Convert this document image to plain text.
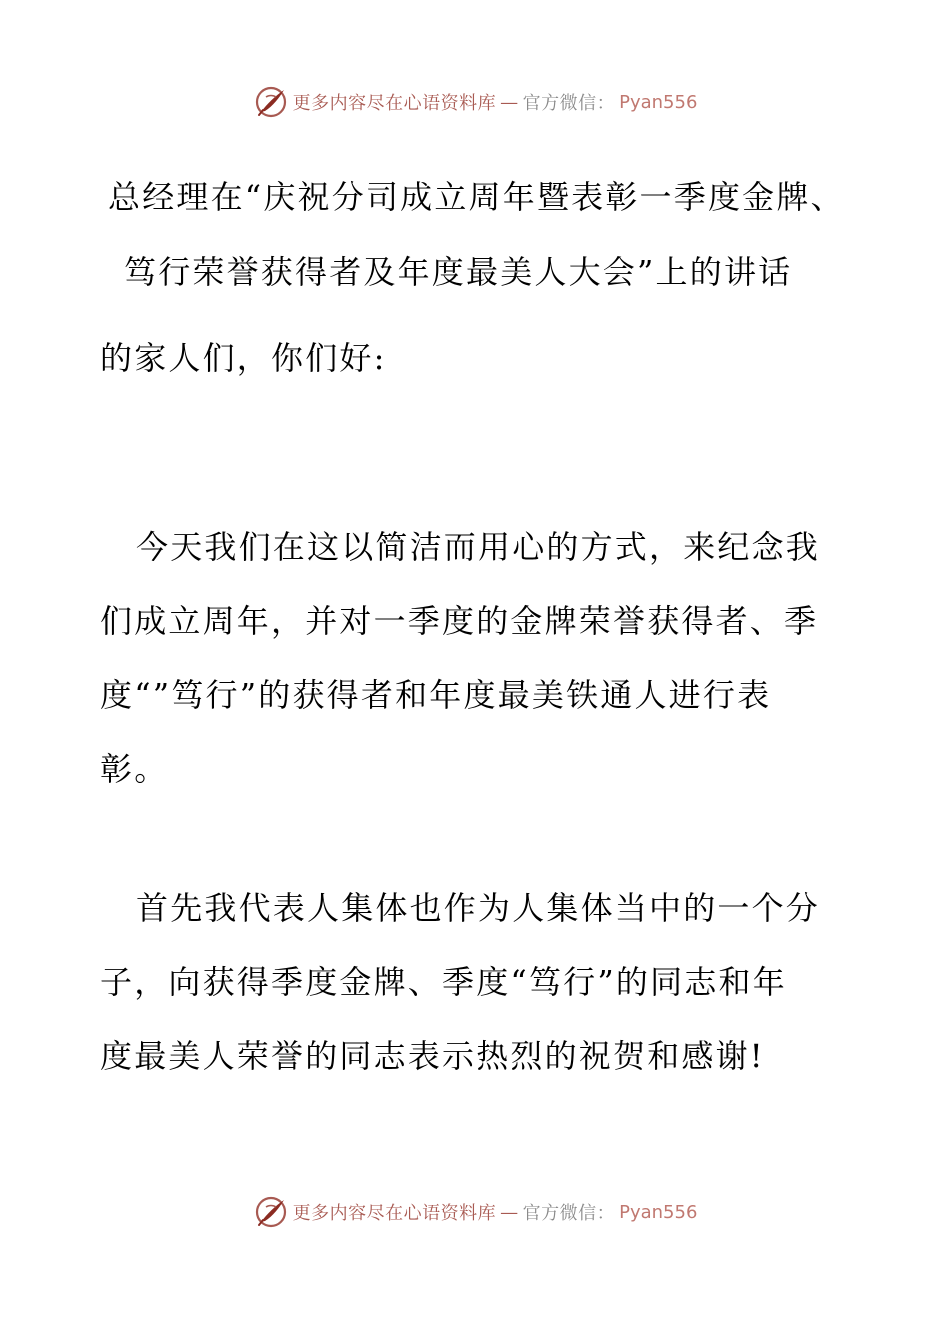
更多内容尽在心语资料库 — 官方微信： Pyan556
总经理在“庆祝分司成立周年暨表彰一季度金牌、
笃行荣誉获得者及年度最美人大会”上的讲话
的家人们，你们好:
今天我们在这以简洁而用心的方式，来纪念我
们成立周年，并对一季度的金牌荣誉获得者、季
度“”笃行”的获得者和年度最美铁通人进行表
彰。
首先我代表人集体也作为人集体当中的一个分
子，向获得季度金牌、季度“笃行”的同志和年
度最美人荣誉的同志表示热烈的祝贺和感谢!
更多内容尽在心语资料库 — 官方微信： Pyan556
